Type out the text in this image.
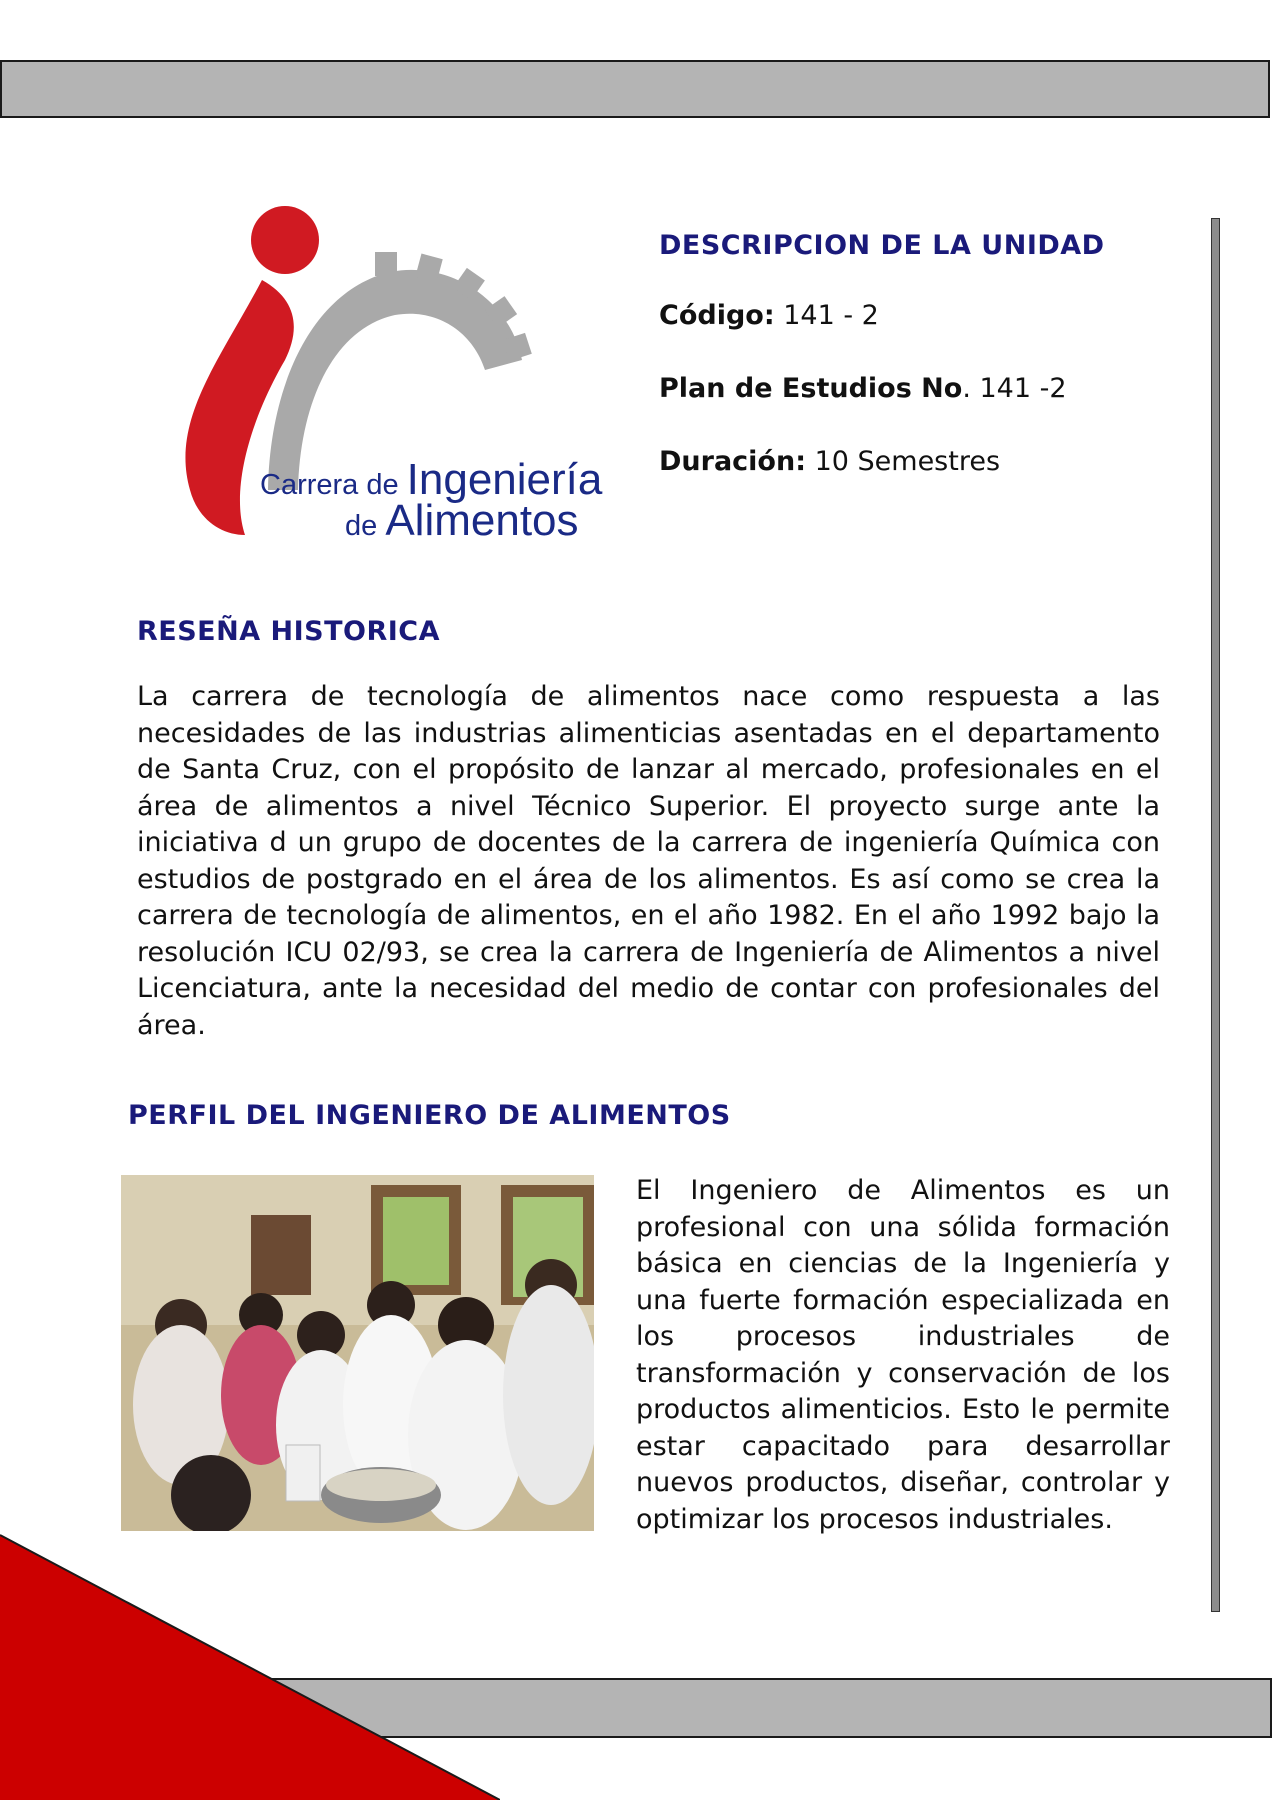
Carrera de Ingeniería
de Alimentos
DESCRIPCION DE LA UNIDAD

Código: 141 - 2

Plan de Estudios No. 141 -2

Duración: 10 Semestres

RESEÑA HISTORICA

La carrera de tecnología de alimentos nace como respuesta a las necesidades de las industrias alimenticias asentadas en el departamento de Santa Cruz, con el propósito de lanzar al mercado, profesionales en el área de alimentos a nivel Técnico Superior. El proyecto surge ante la iniciativa d un grupo de docentes de la carrera de ingeniería Química con estudios de postgrado en el área de los alimentos. Es así como se crea la carrera de tecnología de alimentos, en el año 1982. En el año 1992 bajo la resolución ICU 02/93, se crea la carrera de Ingeniería de Alimentos a nivel Licenciatura, ante la necesidad del medio de contar con profesionales del área.

PERFIL DEL INGENIERO DE ALIMENTOS

El Ingeniero de Alimentos es un profesional con una sólida formación básica en ciencias de la Ingeniería y una fuerte formación especializada en los procesos industriales de transformación y conservación de los productos alimenticios. Esto le permite estar capacitado para desarrollar nuevos productos, diseñar, controlar y optimizar los procesos industriales.
